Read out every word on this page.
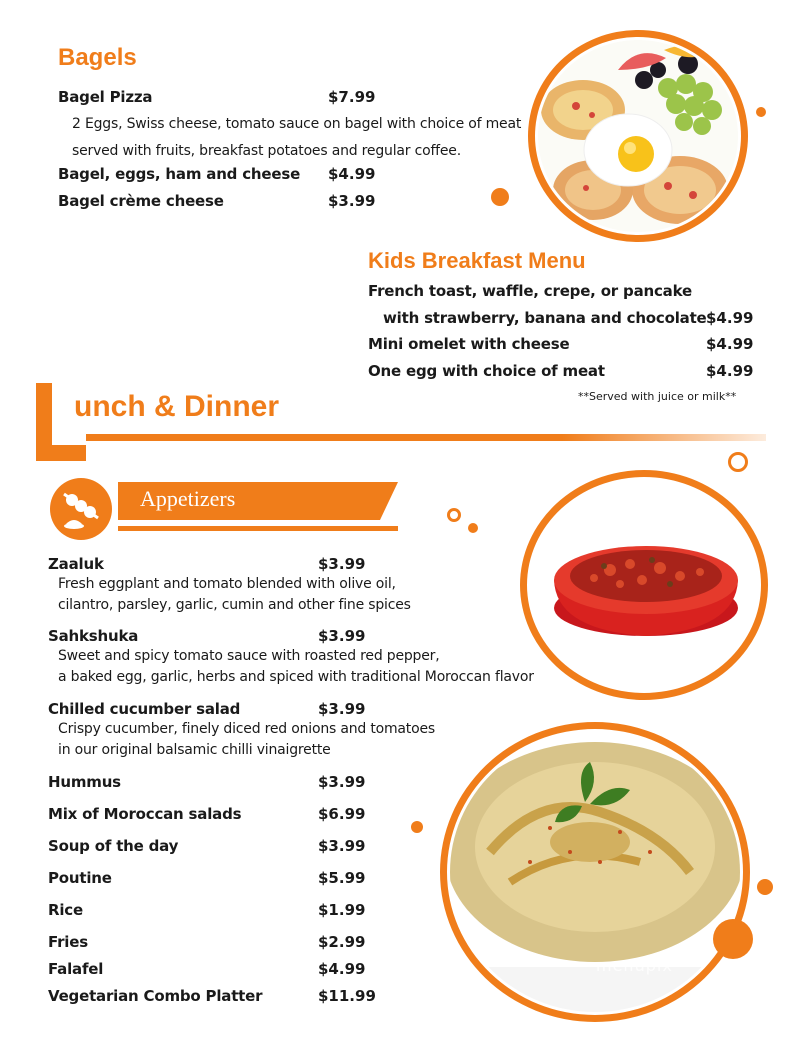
Bagels
Bagel Pizza	$7.99
2 Eggs, Swiss cheese, tomato sauce on bagel with choice of meat
served with fruits, breakfast potatoes and regular coffee.
Bagel, eggs, ham and cheese $4.99
Bagel crème cheese	$3.99
Kids Breakfast Menu
French toast, waffle, crepe, or pancake
with strawberry, banana and chocolate $4.99
Mini omelet with cheese	$4.99
One egg with choice of meat	$4.99
**Served with juice or milk**
unch & Dinner
Appetizers
Zaaluk	$3.99
Fresh eggplant and tomato blended with olive oil,
cilantro, parsley, garlic, cumin and other fine spices
Sahkshuka	$3.99
Sweet and spicy tomato sauce with roasted red pepper,
a baked egg, garlic, herbs and spiced with traditional Moroccan flavor
Chilled cucumber salad	$3.99
Crispy cucumber, finely diced red onions and tomatoes
in our original balsamic chilli vinaigrette
Hummus	$3.99
Mix of Moroccan salads	$6.99
Soup of the day	$3.99
Poutine	$5.99
Rice	$1.99
Fries	$2.99
Falafel	$4.99
Vegetarian Combo Platter	$11.99
menupix
